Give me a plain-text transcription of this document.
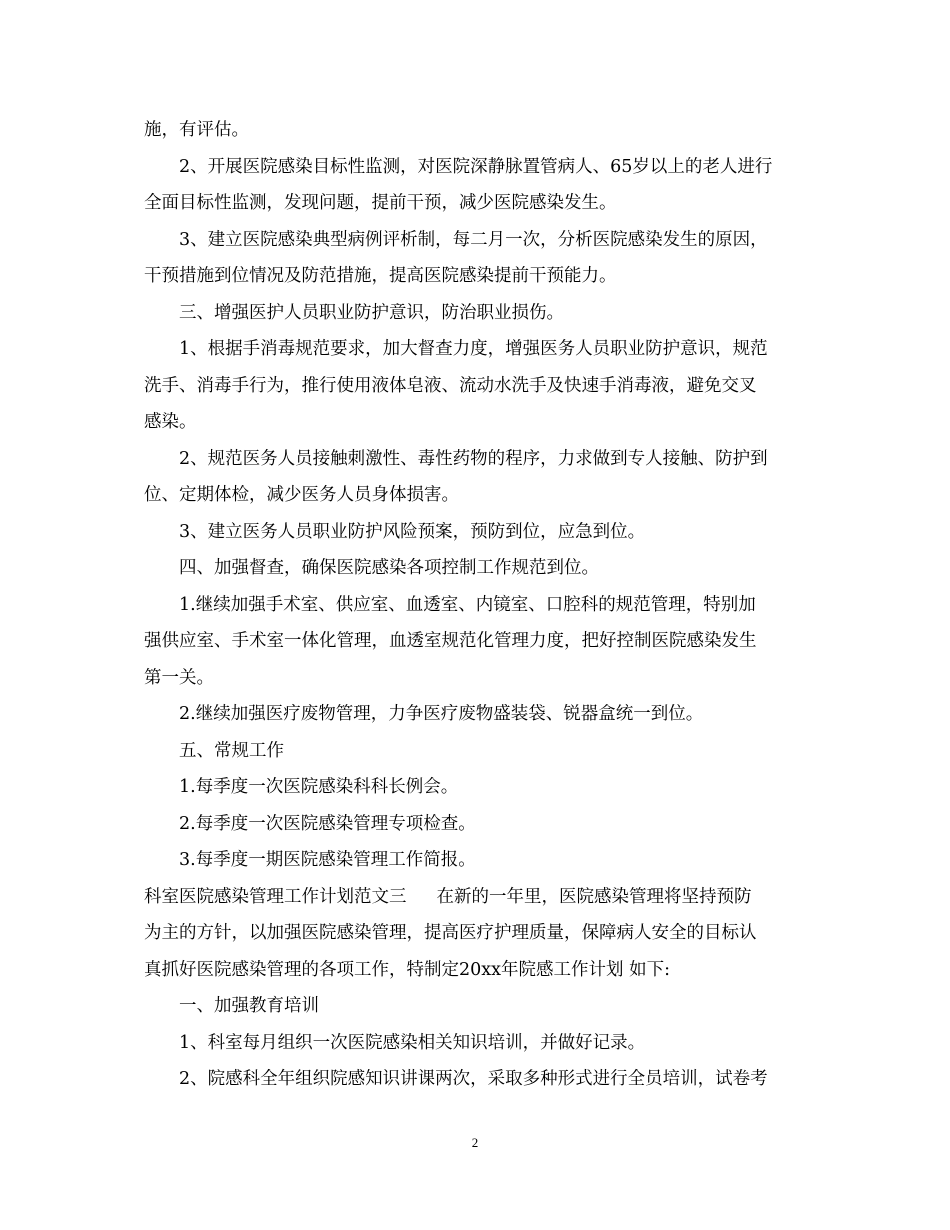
施，有评估。
2、开展医院感染目标性监测，对医院深静脉置管病人、65岁以上的老人进行
全面目标性监测，发现问题，提前干预，减少医院感染发生。
3、建立医院感染典型病例评析制，每二月一次，分析医院感染发生的原因，
干预措施到位情况及防范措施，提高医院感染提前干预能力。
三、增强医护人员职业防护意识，防治职业损伤。
1、根据手消毒规范要求，加大督查力度，增强医务人员职业防护意识，规范
洗手、消毒手行为，推行使用液体皂液、流动水洗手及快速手消毒液，避免交叉
感染。
2、规范医务人员接触刺激性、毒性药物的程序，力求做到专人接触、防护到
位、定期体检，减少医务人员身体损害。
3、建立医务人员职业防护风险预案，预防到位，应急到位。
四、加强督查，确保医院感染各项控制工作规范到位。
1.继续加强手术室、供应室、血透室、内镜室、口腔科的规范管理，特别加
强供应室、手术室一体化管理，血透室规范化管理力度，把好控制医院感染发生
第一关。
2.继续加强医疗废物管理，力争医疗废物盛装袋、锐器盒统一到位。
五、常规工作
1.每季度一次医院感染科科长例会。
2.每季度一次医院感染管理专项检查。
3.每季度一期医院感染管理工作简报。
科室医院感染管理工作计划范文三 在新的一年里，医院感染管理将坚持预防
为主的方针，以加强医院感染管理，提高医疗护理质量，保障病人安全的目标认
真抓好医院感染管理的各项工作，特制定20xx年院感工作计划 如下:
一、加强教育培训
1、科室每月组织一次医院感染相关知识培训，并做好记录。
2、院感科全年组织院感知识讲课两次，采取多种形式进行全员培训，试卷考
2
